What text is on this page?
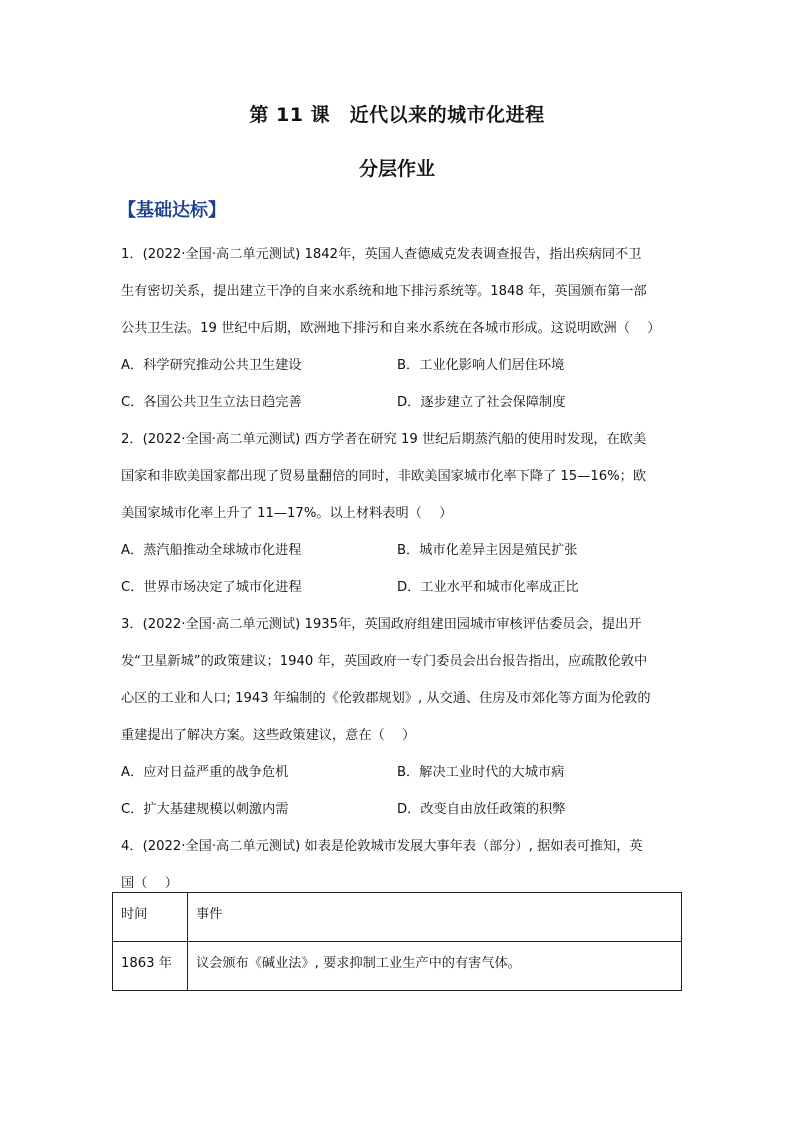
第 11 课　近代以来的城市化进程
分层作业
【基础达标】
1．(2022·全国·高二单元测试) 1842年，英国人查德威克发表调查报告，指出疾病同不卫
生有密切关系，提出建立干净的自来水系统和地下排污系统等。1848 年，英国颁布第一部
公共卫生法。19 世纪中后期，欧洲地下排污和自来水系统在各城市形成。这说明欧洲（　 ）
A．科学研究推动公共卫生建设	B．工业化影响人们居住环境
C．各国公共卫生立法日趋完善	D．逐步建立了社会保障制度
2．(2022·全国·高二单元测试) 西方学者在研究 19 世纪后期蒸汽船的使用时发现，在欧美
国家和非欧美国家都出现了贸易量翻倍的同时，非欧美国家城市化率下降了 15—16%；欧
美国家城市化率上升了 11—17%。以上材料表明（　 ）
A．蒸汽船推动全球城市化进程	B．城市化差异主因是殖民扩张
C．世界市场决定了城市化进程	D．工业水平和城市化率成正比
3．(2022·全国·高二单元测试) 1935年，英国政府组建田园城市审核评估委员会，提出开
发“卫星新城”的政策建议；1940 年，英国政府一专门委员会出台报告指出，应疏散伦敦中
心区的工业和人口; 1943 年编制的《伦敦郡规划》, 从交通、住房及市郊化等方面为伦敦的
重建提出了解决方案。这些政策建议，意在（　 ）
A．应对日益严重的战争危机	B．解决工业时代的大城市病
C．扩大基建规模以刺激内需	D．改变自由放任政策的积弊
4．(2022·全国·高二单元测试) 如表是伦敦城市发展大事年表（部分）, 据如表可推知，英
国（　 ）
时间	事件
1863 年	议会颁布《碱业法》, 要求抑制工业生产中的有害气体。
